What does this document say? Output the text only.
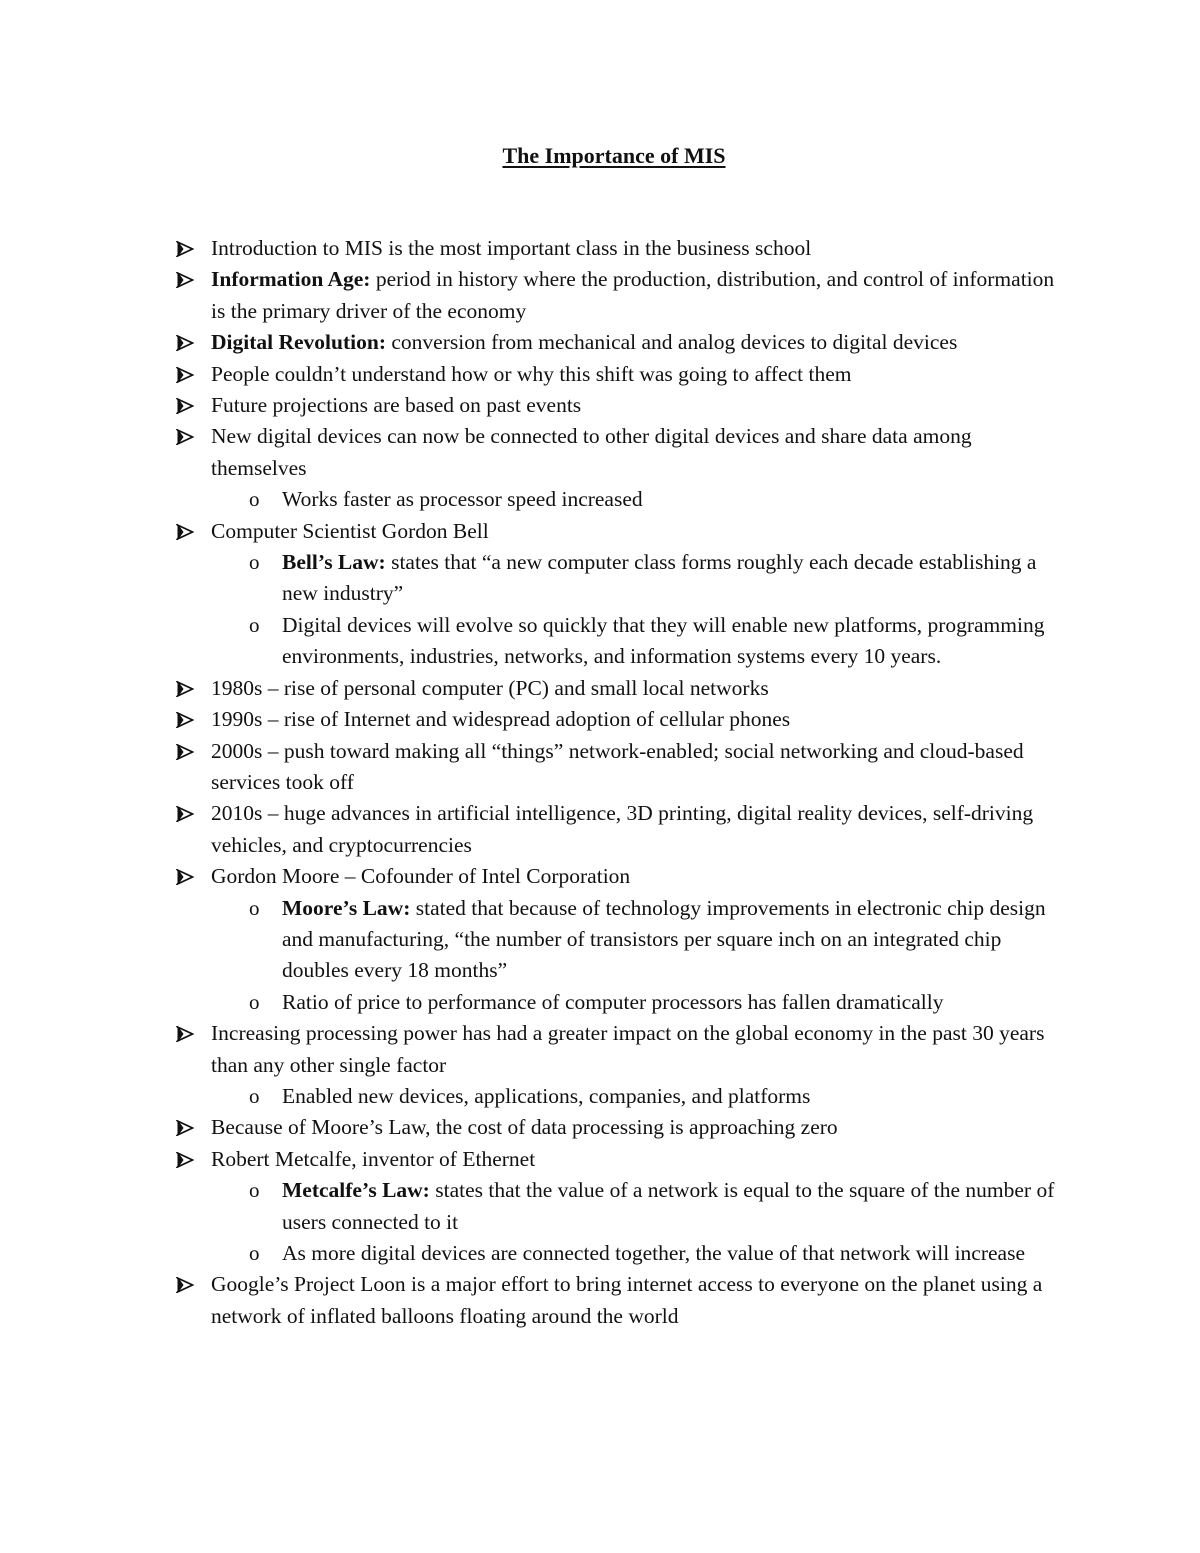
The Importance of MIS
Introduction to MIS is the most important class in the business school
Information Age: period in history where the production, distribution, and control of information is the primary driver of the economy
Digital Revolution: conversion from mechanical and analog devices to digital devices
People couldn’t understand how or why this shift was going to affect them
Future projections are based on past events
New digital devices can now be connected to other digital devices and share data among themselves
o	Works faster as processor speed increased
Computer Scientist Gordon Bell
o	Bell’s Law: states that “a new computer class forms roughly each decade establishing a new industry”
o	Digital devices will evolve so quickly that they will enable new platforms, programming environments, industries, networks, and information systems every 10 years.
1980s – rise of personal computer (PC) and small local networks
1990s – rise of Internet and widespread adoption of cellular phones
2000s – push toward making all “things” network-enabled; social networking and cloud-based services took off
2010s – huge advances in artificial intelligence, 3D printing, digital reality devices, self-driving vehicles, and cryptocurrencies
Gordon Moore – Cofounder of Intel Corporation
o	Moore’s Law: stated that because of technology improvements in electronic chip design and manufacturing, “the number of transistors per square inch on an integrated chip doubles every 18 months”
o	Ratio of price to performance of computer processors has fallen dramatically
Increasing processing power has had a greater impact on the global economy in the past 30 years than any other single factor
o	Enabled new devices, applications, companies, and platforms
Because of Moore’s Law, the cost of data processing is approaching zero
Robert Metcalfe, inventor of Ethernet
o	Metcalfe’s Law: states that the value of a network is equal to the square of the number of users connected to it
o	As more digital devices are connected together, the value of that network will increase
Google’s Project Loon is a major effort to bring internet access to everyone on the planet using a network of inflated balloons floating around the world
